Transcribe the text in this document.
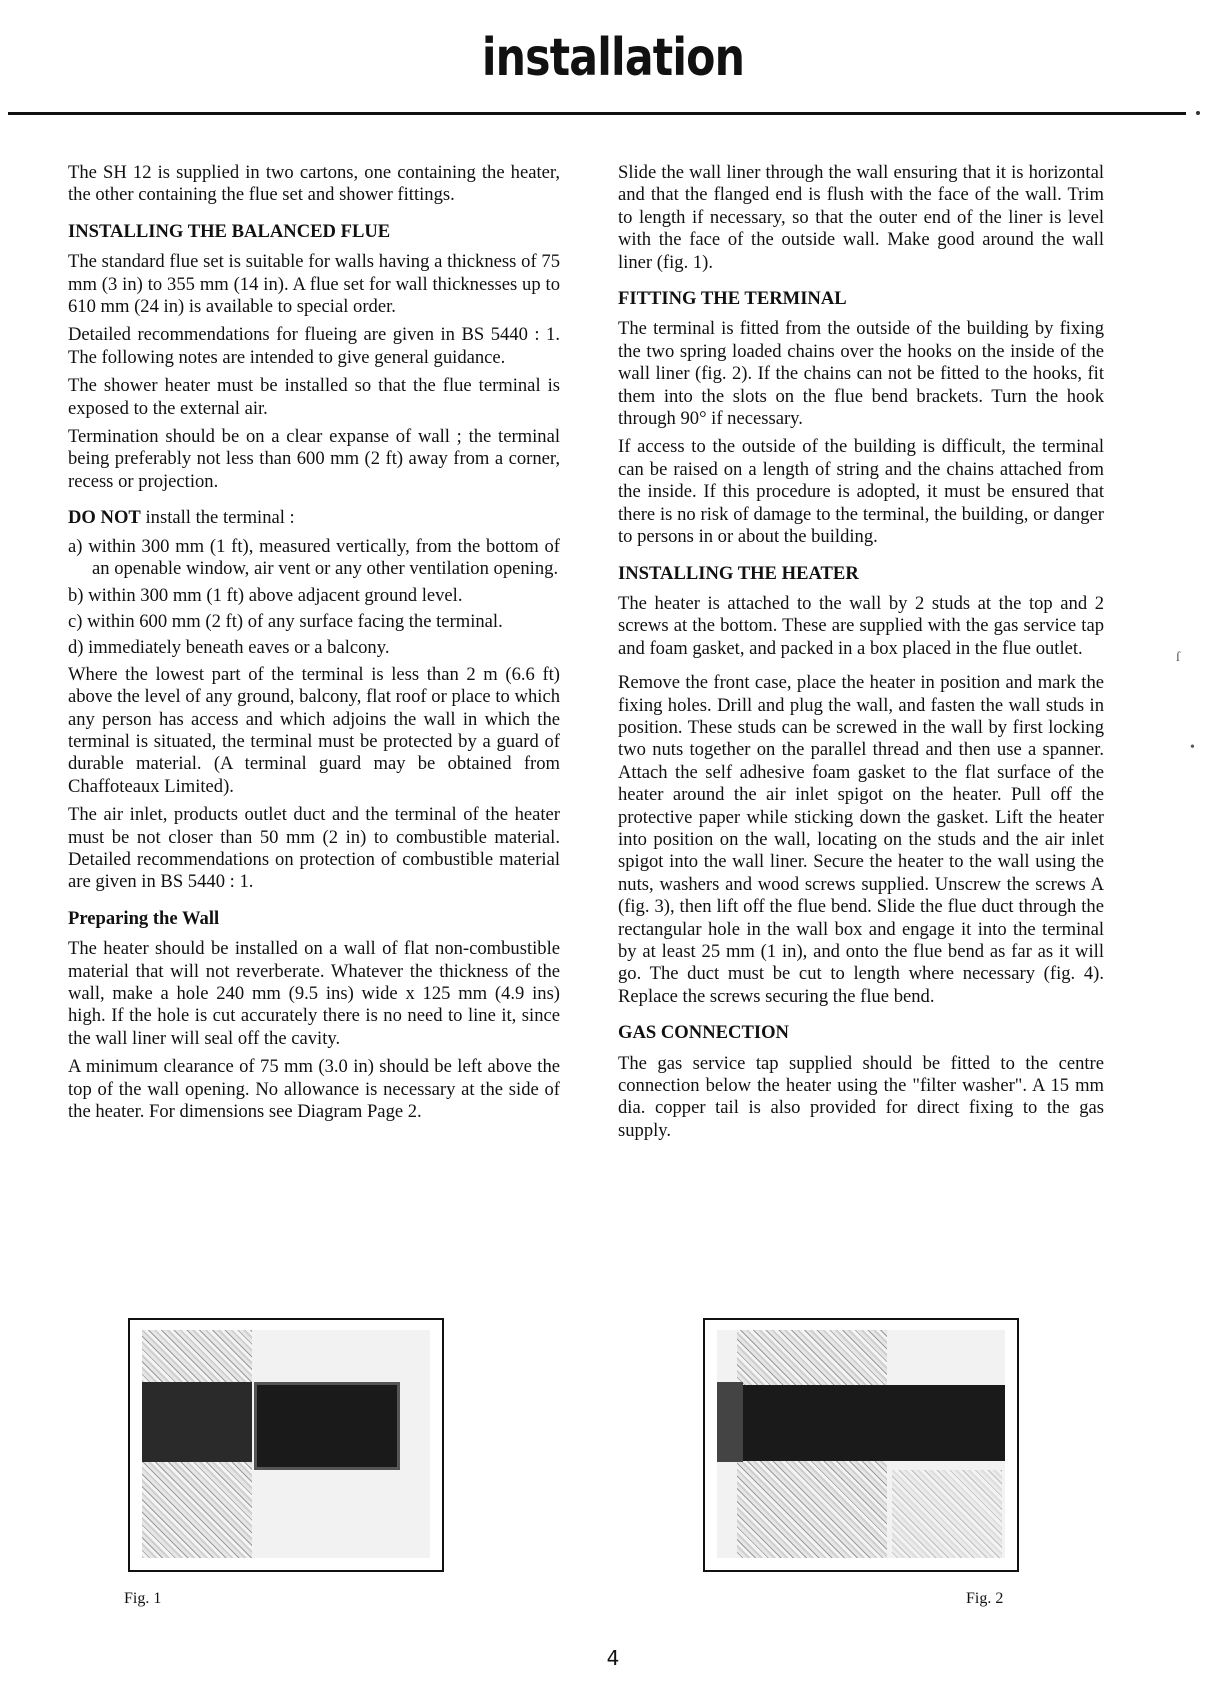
installation

The SH 12 is supplied in two cartons, one containing the heater, the other containing the flue set and shower fittings.

INSTALLING THE BALANCED FLUE

The standard flue set is suitable for walls having a thickness of 75 mm (3 in) to 355 mm (14 in). A flue set for wall thicknesses up to 610 mm (24 in) is available to special order.

Detailed recommendations for flueing are given in BS 5440 : 1. The following notes are intended to give general guidance.

The shower heater must be installed so that the flue terminal is exposed to the external air.

Termination should be on a clear expanse of wall ; the terminal being preferably not less than 600 mm (2 ft) away from a corner, recess or projection.

DO NOT install the terminal :

a) within 300 mm (1 ft), measured vertically, from the bottom of an openable window, air vent or any other ventilation opening.

b) within 300 mm (1 ft) above adjacent ground level.

c) within 600 mm (2 ft) of any surface facing the terminal.

d) immediately beneath eaves or a balcony.

Where the lowest part of the terminal is less than 2 m (6.6 ft) above the level of any ground, balcony, flat roof or place to which any person has access and which adjoins the wall in which the terminal is situated, the terminal must be protected by a guard of durable material. (A terminal guard may be obtained from Chaffoteaux Limited).

The air inlet, products outlet duct and the terminal of the heater must be not closer than 50 mm (2 in) to combustible material. Detailed recommendations on protection of combustible material are given in BS 5440 : 1.

Preparing the Wall

The heater should be installed on a wall of flat non-combustible material that will not reverberate. Whatever the thickness of the wall, make a hole 240 mm (9.5 ins) wide x 125 mm (4.9 ins) high. If the hole is cut accurately there is no need to line it, since the wall liner will seal off the cavity.

A minimum clearance of 75 mm (3.0 in) should be left above the top of the wall opening. No allowance is necessary at the side of the heater. For dimensions see Diagram Page 2.

Slide the wall liner through the wall ensuring that it is horizontal and that the flanged end is flush with the face of the wall. Trim to length if necessary, so that the outer end of the liner is level with the face of the outside wall. Make good around the wall liner (fig. 1).

FITTING THE TERMINAL

The terminal is fitted from the outside of the building by fixing the two spring loaded chains over the hooks on the inside of the wall liner (fig. 2). If the chains can not be fitted to the hooks, fit them into the slots on the flue bend brackets. Turn the hook through 90° if necessary.

If access to the outside of the building is difficult, the terminal can be raised on a length of string and the chains attached from the inside. If this procedure is adopted, it must be ensured that there is no risk of damage to the terminal, the building, or danger to persons in or about the building.

INSTALLING THE HEATER

The heater is attached to the wall by 2 studs at the top and 2 screws at the bottom. These are supplied with the gas service tap and foam gasket, and packed in a box placed in the flue outlet.

Remove the front case, place the heater in position and mark the fixing holes. Drill and plug the wall, and fasten the wall studs in position. These studs can be screwed in the wall by first locking two nuts together on the parallel thread and then use a spanner. Attach the self adhesive foam gasket to the flat surface of the heater around the air inlet spigot on the heater. Pull off the protective paper while sticking down the gasket. Lift the heater into position on the wall, locating on the studs and the air inlet spigot into the wall liner. Secure the heater to the wall using the nuts, washers and wood screws supplied. Unscrew the screws A (fig. 3), then lift off the flue bend. Slide the flue duct through the rectangular hole in the wall box and engage it into the terminal by at least 25 mm (1 in), and onto the flue bend as far as it will go. The duct must be cut to length where necessary (fig. 4). Replace the screws securing the flue bend.

GAS CONNECTION

The gas service tap supplied should be fitted to the centre connection below the heater using the "filter washer". A 15 mm dia. copper tail is also provided for direct fixing to the gas supply.

Fig. 1	Fig. 2
4
ſ
•
